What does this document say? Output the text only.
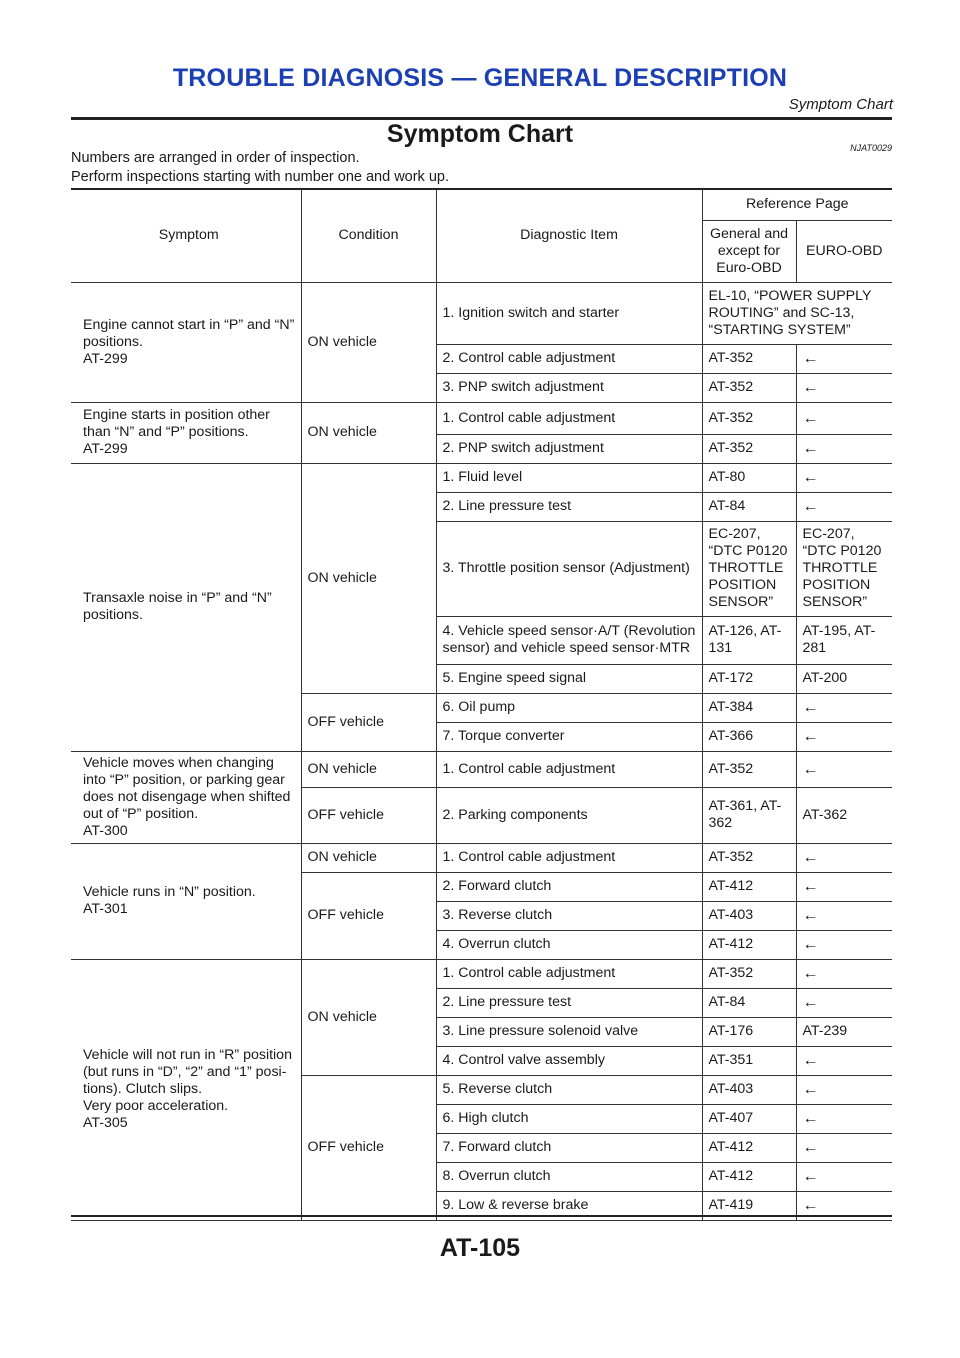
TROUBLE DIAGNOSIS — GENERAL DESCRIPTION
Symptom Chart
Symptom Chart	NJAT0029
Numbers are arranged in order of inspection.
Perform inspections starting with number one and work up.
Symptom	Condition	Diagnostic Item	Reference Page	
			General and except for Euro-OBD	EURO-OBD
Engine cannot start in “P” and “N” positions.
AT-299	ON vehicle	1. Ignition switch and starter	EL-10, “POWER SUPPLY ROUTING” and SC-13, “STARTING SYSTEM”	
		2. Control cable adjustment	AT-352	←
		3. PNP switch adjustment	AT-352	←
Engine starts in position other than “N” and “P” positions.
AT-299	ON vehicle	1. Control cable adjustment	AT-352	←
		2. PNP switch adjustment	AT-352	←
Transaxle noise in “P” and “N” positions.	ON vehicle	1. Fluid level	AT-80	←
		2. Line pressure test	AT-84	←
		3. Throttle position sensor (Adjustment)	EC-207, “DTC P0120 THROTTLE POSITION SENSOR”	EC-207, “DTC P0120 THROTTLE POSITION SENSOR”
		4. Vehicle speed sensor·A/T (Revolution sensor) and vehicle speed sensor·MTR	AT-126, AT-131	AT-195, AT-281
		5. Engine speed signal	AT-172	AT-200
	OFF vehicle	6. Oil pump	AT-384	←
		7. Torque converter	AT-366	←
Vehicle moves when changing into “P” position, or parking gear does not disengage when shifted out of “P” position.
AT-300	ON vehicle	1. Control cable adjustment	AT-352	←
	OFF vehicle	2. Parking components	AT-361, AT-362	AT-362
Vehicle runs in “N” position.
AT-301	ON vehicle	1. Control cable adjustment	AT-352	←
	OFF vehicle	2. Forward clutch	AT-412	←
		3. Reverse clutch	AT-403	←
		4. Overrun clutch	AT-412	←
Vehicle will not run in “R” position (but runs in “D”, “2” and “1” posi-tions). Clutch slips.
Very poor acceleration.
AT-305	ON vehicle	1. Control cable adjustment	AT-352	←
		2. Line pressure test	AT-84	←
		3. Line pressure solenoid valve	AT-176	AT-239
		4. Control valve assembly	AT-351	←
	OFF vehicle	5. Reverse clutch	AT-403	←
		6. High clutch	AT-407	←
		7. Forward clutch	AT-412	←
		8. Overrun clutch	AT-412	←
		9. Low & reverse brake	AT-419	←
AT-105
